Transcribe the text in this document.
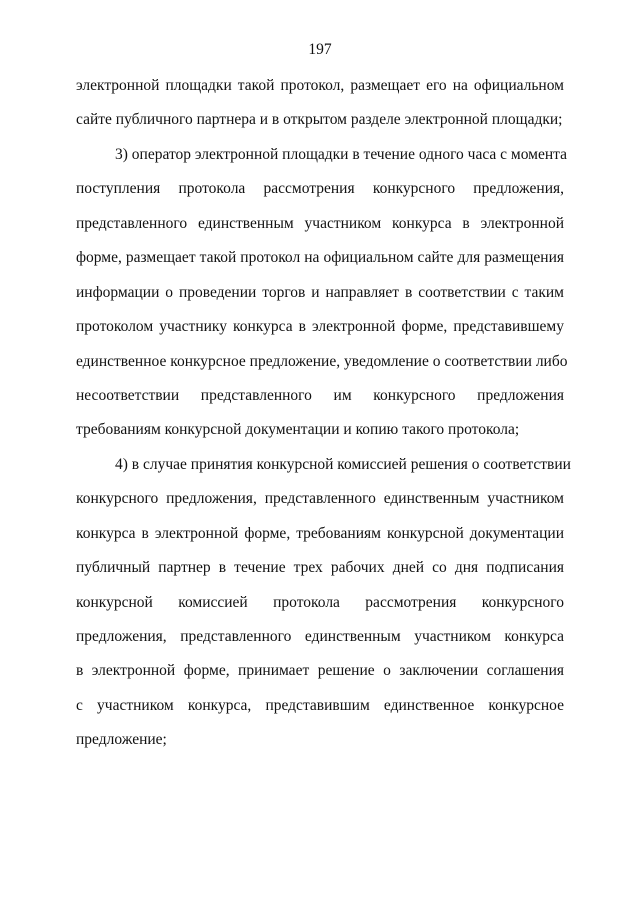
197
электронной площадки такой протокол, размещает его на официальном
сайте публичного партнера и в открытом разделе электронной площадки;
3) оператор электронной площадки в течение одного часа с момента
поступления протокола рассмотрения конкурсного предложения,
представленного единственным участником конкурса в электронной
форме, размещает такой протокол на официальном сайте для размещения
информации о проведении торгов и направляет в соответствии с таким
протоколом участнику конкурса в электронной форме, представившему
единственное конкурсное предложение, уведомление о соответствии либо
несоответствии представленного им конкурсного предложения
требованиям конкурсной документации и копию такого протокола;
4) в случае принятия конкурсной комиссией решения о соответствии
конкурсного предложения, представленного единственным участником
конкурса в электронной форме, требованиям конкурсной документации
публичный партнер в течение трех рабочих дней со дня подписания
конкурсной комиссией протокола рассмотрения конкурсного
предложения, представленного единственным участником конкурса
в электронной форме, принимает решение о заключении соглашения
с участником конкурса, представившим единственное конкурсное
предложение;
